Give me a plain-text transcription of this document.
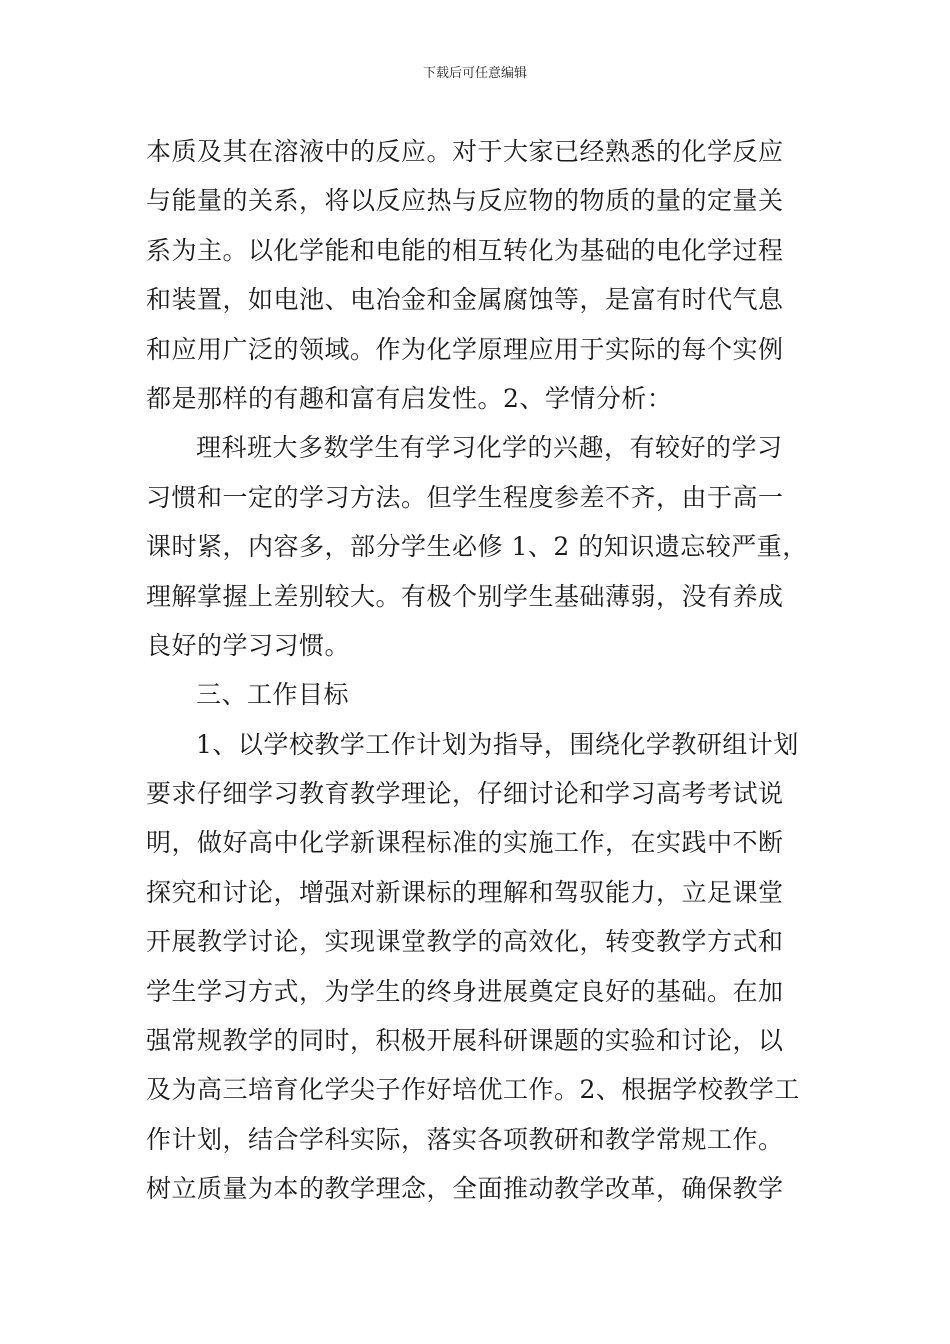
下载后可任意编辑
本质及其在溶液中的反应。对于大家已经熟悉的化学反应
与能量的关系，将以反应热与反应物的物质的量的定量关
系为主。以化学能和电能的相互转化为基础的电化学过程
和装置，如电池、电冶金和金属腐蚀等，是富有时代气息
和应用广泛的领域。作为化学原理应用于实际的每个实例
都是那样的有趣和富有启发性。2、学情分析：
理科班大多数学生有学习化学的兴趣，有较好的学习
习惯和一定的学习方法。但学生程度参差不齐，由于高一
课时紧，内容多，部分学生必修 1、2 的知识遗忘较严重，
理解掌握上差别较大。有极个别学生基础薄弱，没有养成
良好的学习习惯。
三、工作目标
1、以学校教学工作计划为指导，围绕化学教研组计划
要求仔细学习教育教学理论，仔细讨论和学习高考考试说
明，做好高中化学新课程标准的实施工作，在实践中不断
探究和讨论，增强对新课标的理解和驾驭能力，立足课堂
开展教学讨论，实现课堂教学的高效化，转变教学方式和
学生学习方式，为学生的终身进展奠定良好的基础。在加
强常规教学的同时，积极开展科研课题的实验和讨论，以
及为高三培育化学尖子作好培优工作。2、根据学校教学工
作计划，结合学科实际，落实各项教研和教学常规工作。
树立质量为本的教学理念，全面推动教学改革，确保教学
